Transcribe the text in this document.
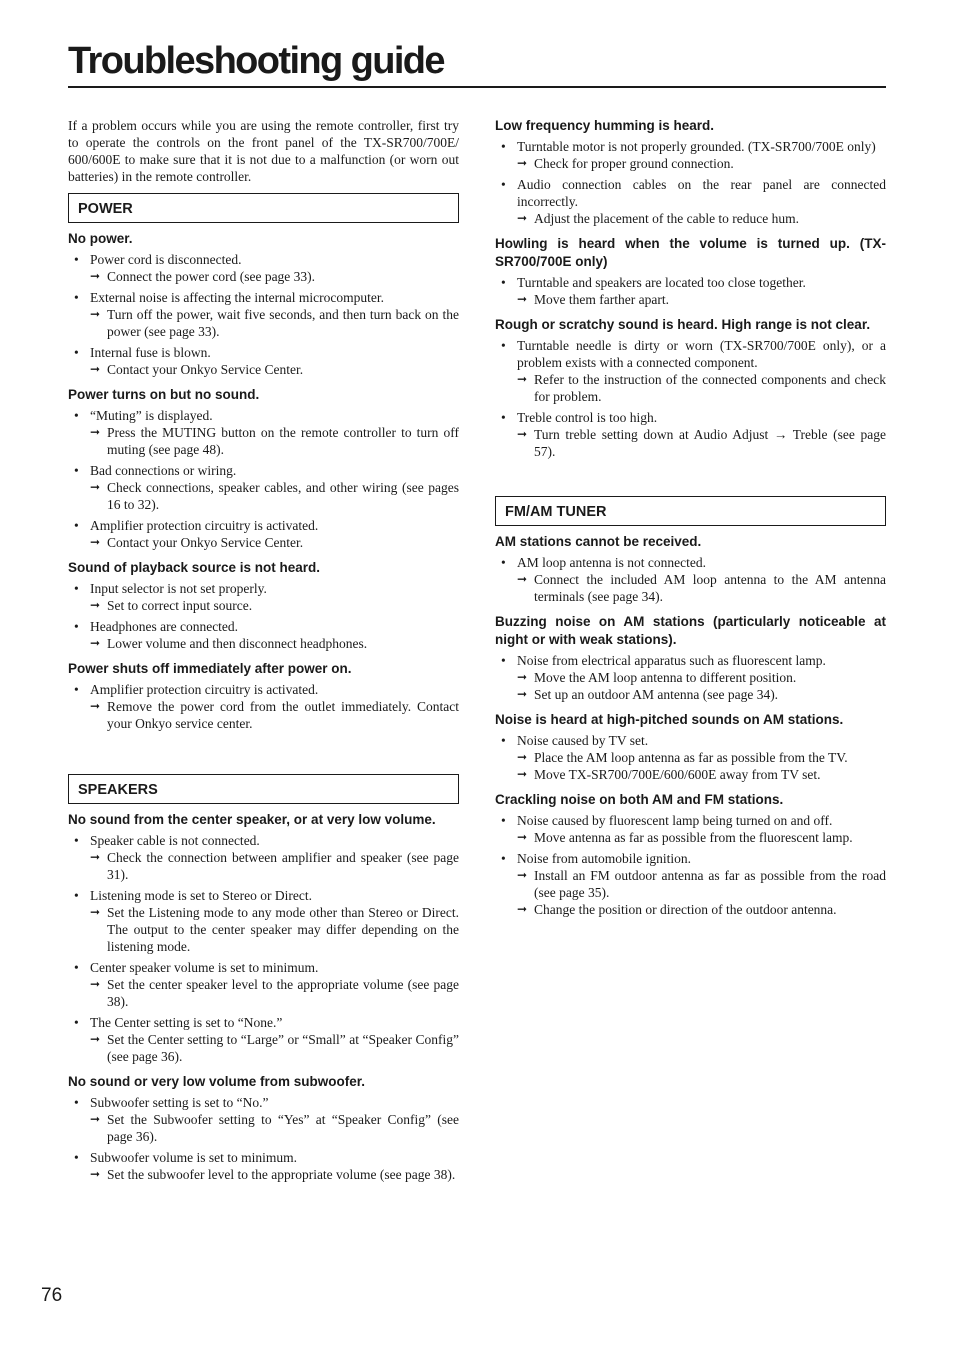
Troubleshooting guide

If a problem occurs while you are using the remote controller, first try to operate the controls on the front panel of the TX-SR700/700E/ 600/600E to make sure that it is not due to a malfunction (or worn out batteries) in the remote controller.

POWER
No power.
• Power cord is disconnected.
➞ Connect the power cord (see page 33).
• External noise is affecting the internal microcomputer.
➞ Turn off the power, wait five seconds, and then turn back on the power (see page 33).
• Internal fuse is blown.
➞ Contact your Onkyo Service Center.
Power turns on but no sound.
• “Muting” is displayed.
➞ Press the MUTING button on the remote controller to turn off muting (see page 48).
• Bad connections or wiring.
➞ Check connections, speaker cables, and other wiring (see pages 16 to 32).
• Amplifier protection circuitry is activated.
➞ Contact your Onkyo Service Center.
Sound of playback source is not heard.
• Input selector is not set properly.
➞ Set to correct input source.
• Headphones are connected.
➞ Lower volume and then disconnect headphones.
Power shuts off immediately after power on.
• Amplifier protection circuitry is activated.
➞ Remove the power cord from the outlet immediately. Contact your Onkyo service center.
SPEAKERS
No sound from the center speaker, or at very low volume.
• Speaker cable is not connected.
➞ Check the connection between amplifier and speaker (see page 31).
• Listening mode is set to Stereo or Direct.
➞ Set the Listening mode to any mode other than Stereo or Direct. The output to the center speaker may differ depending on the listening mode.
• Center speaker volume is set to minimum.
➞ Set the center speaker level to the appropriate volume (see page 38).
• The Center setting is set to “None.”
➞ Set the Center setting to “Large” or “Small” at “Speaker Config” (see page 36).
No sound or very low volume from subwoofer.
• Subwoofer setting is set to “No.”
➞ Set the Subwoofer setting to “Yes” at “Speaker Config” (see page 36).
• Subwoofer volume is set to minimum.
➞ Set the subwoofer level to the appropriate volume (see page 38).
Low frequency humming is heard.
• Turntable motor is not properly grounded. (TX-SR700/700E only)
➞ Check for proper ground connection.
• Audio connection cables on the rear panel are connected incorrectly.
➞ Adjust the placement of the cable to reduce hum.
Howling is heard when the volume is turned up. (TX-SR700/700E only)
• Turntable and speakers are located too close together.
➞ Move them farther apart.
Rough or scratchy sound is heard. High range is not clear.
• Turntable needle is dirty or worn (TX-SR700/700E only), or a problem exists with a connected component.
➞ Refer to the instruction of the connected components and check for problem.
• Treble control is too high.
➞ Turn treble setting down at Audio Adjust → Treble (see page 57).
FM/AM TUNER
AM stations cannot be received.
• AM loop antenna is not connected.
➞ Connect the included AM loop antenna to the AM antenna terminals (see page 34).
Buzzing noise on AM stations (particularly noticeable at night or with weak stations).
• Noise from electrical apparatus such as fluorescent lamp.
➞ Move the AM loop antenna to different position.
➞ Set up an outdoor AM antenna (see page 34).
Noise is heard at high-pitched sounds on AM stations.
• Noise caused by TV set.
➞ Place the AM loop antenna as far as possible from the TV.
➞ Move TX-SR700/700E/600/600E away from TV set.
Crackling noise on both AM and FM stations.
• Noise caused by fluorescent lamp being turned on and off.
➞ Move antenna as far as possible from the fluorescent lamp.
• Noise from automobile ignition.
➞ Install an FM outdoor antenna as far as possible from the road (see page 35).
➞ Change the position or direction of the outdoor antenna.
76
